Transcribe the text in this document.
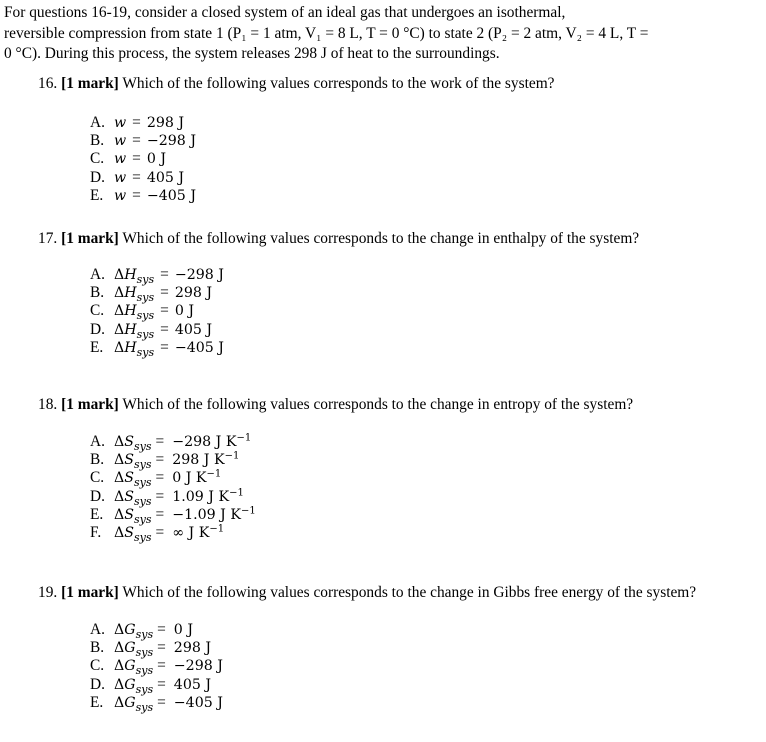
For questions 16-19, consider a closed system of an ideal gas that undergoes an isothermal,
reversible compression from state 1 (P₁ = 1 atm, V₁ = 8 L, T = 0 °C) to state 2 (P₂ = 2 atm, V₂ = 4 L, T =
0 °C). During this process, the system releases 298 J of heat to the surroundings.
16. [1 mark] Which of the following values corresponds to the work of the system?
A. w = 298 J
B. w = −298 J
C. w = 0 J
D. w = 405 J
E. w = −405 J
17. [1 mark] Which of the following values corresponds to the change in enthalpy of the system?
A. $\Delta H_{sys} = -298$ J
B. $\Delta H_{sys} = 298$ J
C. $\Delta H_{sys} = 0$ J
D. $\Delta H_{sys} = 405$ J
E. $\Delta H_{sys} = -405$ J
18. [1 mark] Which of the following values corresponds to the change in entropy of the system?
A. $\Delta S_{sys} = -298$ J $K^{-1}$
B. $\Delta S_{sys} = 298$ J $K^{-1}$
C. $\Delta S_{sys} = 0$ J $K^{-1}$
D. $\Delta S_{sys} = 1.09$ J $K^{-1}$
E. $\Delta S_{sys} = -1.09$ J $K^{-1}$
F. $\Delta S_{sys}$ = ∞ J $K^{-1}$
19. [1 mark] Which of the following values corresponds to the change in Gibbs free energy of the system?
A. $\Delta G_{sys} = 0$ J
B. $\Delta G_{sys} = 298$ J
C. $\Delta G_{sys} = -298$ J
D. $\Delta G_{sys} = 405$ J
E. $\Delta G_{sys} = -405$ J
